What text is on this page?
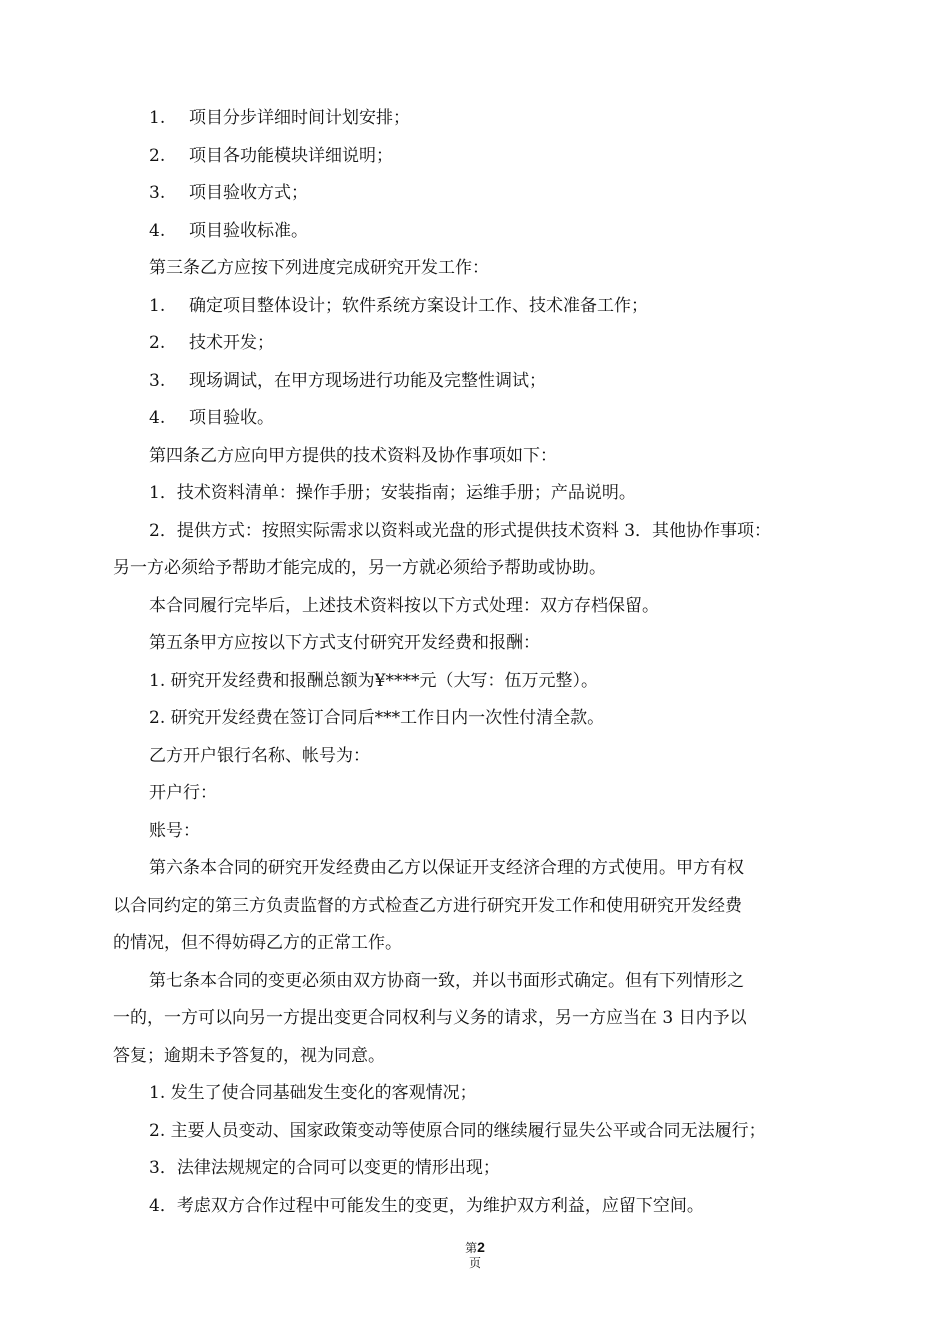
1. 项目分步详细时间计划安排；
2. 项目各功能模块详细说明；
3. 项目验收方式；
4. 项目验收标准。
第三条乙方应按下列进度完成研究开发工作：
1. 确定项目整体设计；软件系统方案设计工作、技术准备工作；
2. 技术开发；
3. 现场调试，在甲方现场进行功能及完整性调试；
4. 项目验收。
第四条乙方应向甲方提供的技术资料及协作事项如下：
1．技术资料清单：操作手册；安装指南；运维手册；产品说明。
2．提供方式：按照实际需求以资料或光盘的形式提供技术资料 3．其他协作事项：
另一方必须给予帮助才能完成的，另一方就必须给予帮助或协助。
本合同履行完毕后，上述技术资料按以下方式处理：双方存档保留。
第五条甲方应按以下方式支付研究开发经费和报酬：
1. 研究开发经费和报酬总额为¥****元（大写：伍万元整）。
2. 研究开发经费在签订合同后***工作日内一次性付清全款。
乙方开户银行名称、帐号为：
开户行：
账号：
第六条本合同的研究开发经费由乙方以保证开支经济合理的方式使用。甲方有权
以合同约定的第三方负责监督的方式检查乙方进行研究开发工作和使用研究开发经费
的情况，但不得妨碍乙方的正常工作。
第七条本合同的变更必须由双方协商一致，并以书面形式确定。但有下列情形之
一的，一方可以向另一方提出变更合同权利与义务的请求，另一方应当在 3 日内予以
答复；逾期未予答复的，视为同意。
1. 发生了使合同基础发生变化的客观情况；
2. 主要人员变动、国家政策变动等使原合同的继续履行显失公平或合同无法履行；
3．法律法规规定的合同可以变更的情形出现；
4．考虑双方合作过程中可能发生的变更，为维护双方利益，应留下空间。
第2
页
